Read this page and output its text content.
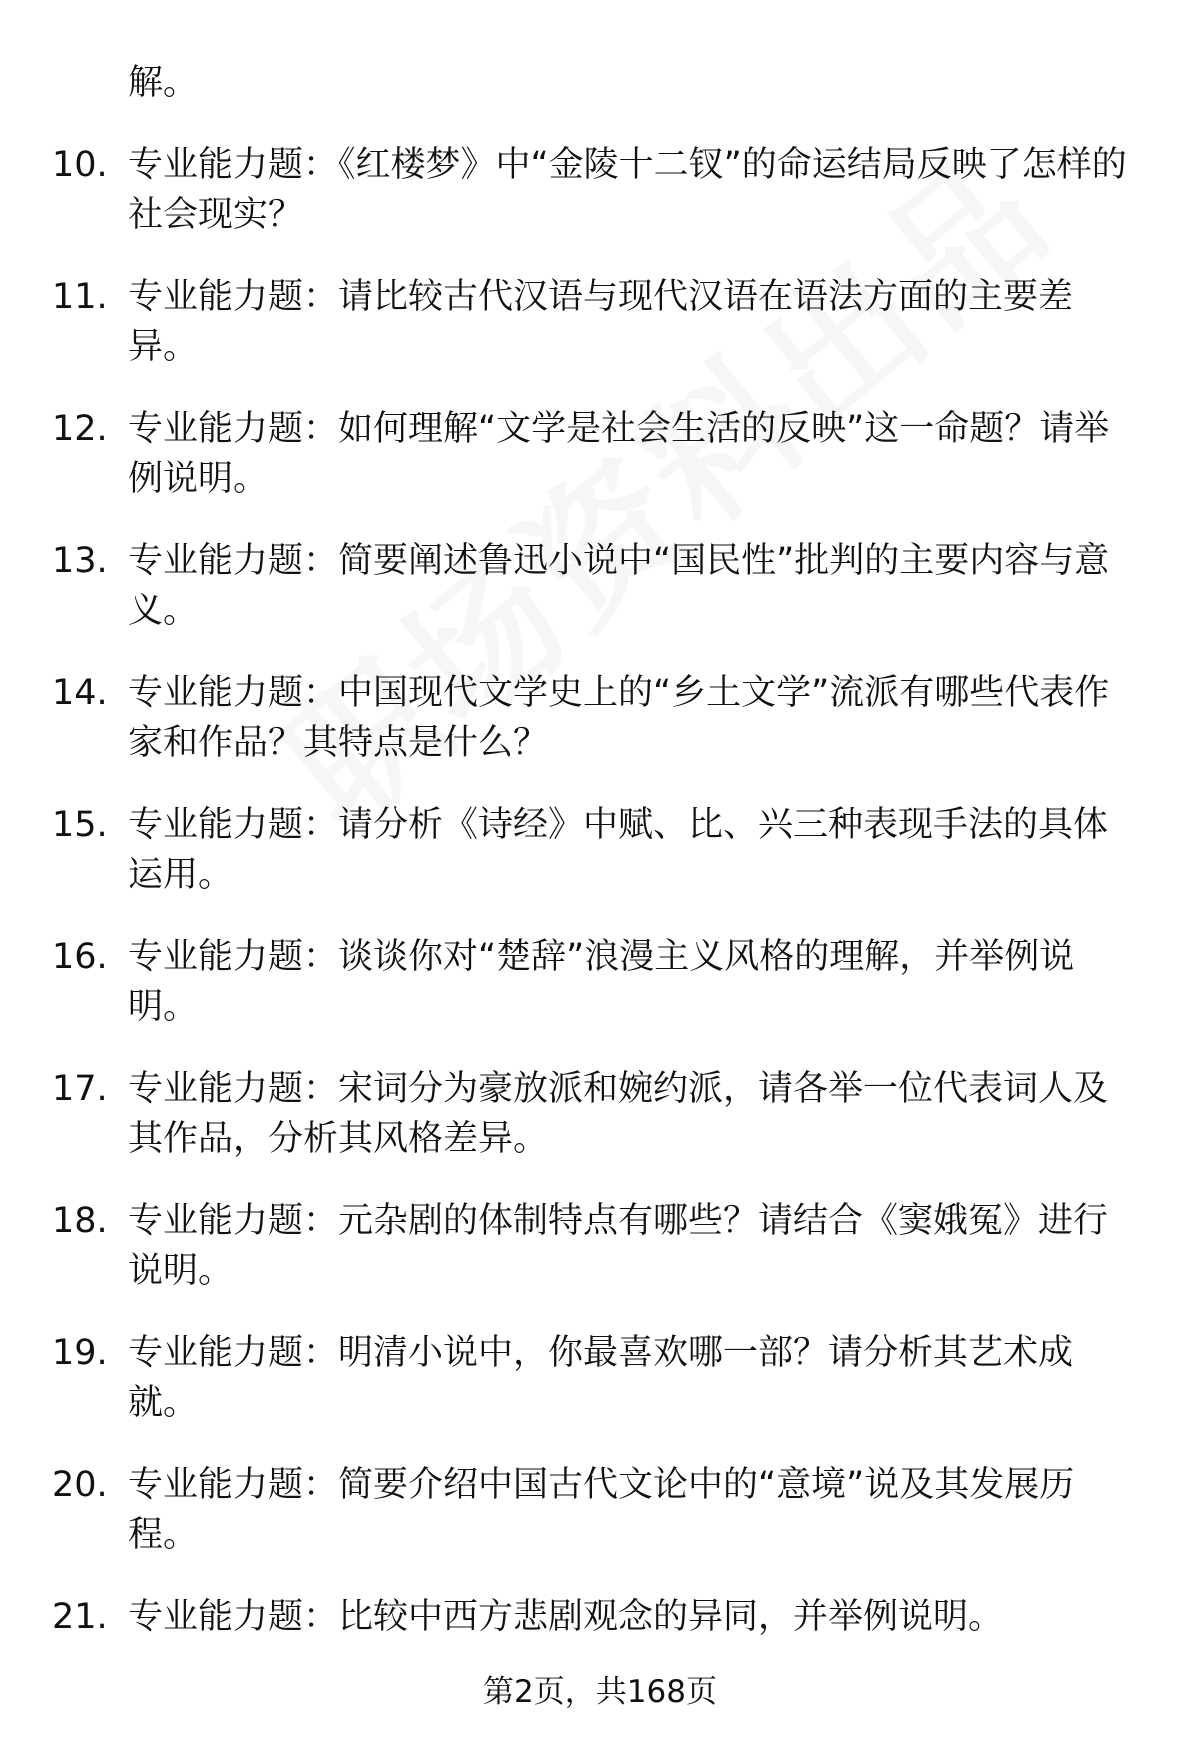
解。
10. 专业能力题：《红楼梦》中“金陵十二钗”的命运结局反映了怎样的社会现实？
11. 专业能力题：请比较古代汉语与现代汉语在语法方面的主要差异。
12. 专业能力题：如何理解“文学是社会生活的反映”这一命题？请举例说明。
13. 专业能力题：简要阐述鲁迅小说中“国民性”批判的主要内容与意义。
14. 专业能力题：中国现代文学史上的“乡土文学”流派有哪些代表作家和作品？其特点是什么？
15. 专业能力题：请分析《诗经》中赋、比、兴三种表现手法的具体运用。
16. 专业能力题：谈谈你对“楚辞”浪漫主义风格的理解，并举例说明。
17. 专业能力题：宋词分为豪放派和婉约派，请各举一位代表词人及其作品，分析其风格差异。
18. 专业能力题：元杂剧的体制特点有哪些？请结合《窦娥冤》进行说明。
19. 专业能力题：明清小说中，你最喜欢哪一部？请分析其艺术成就。
20. 专业能力题：简要介绍中国古代文论中的“意境”说及其发展历程。
21. 专业能力题：比较中西方悲剧观念的异同，并举例说明。
第2页，共168页
